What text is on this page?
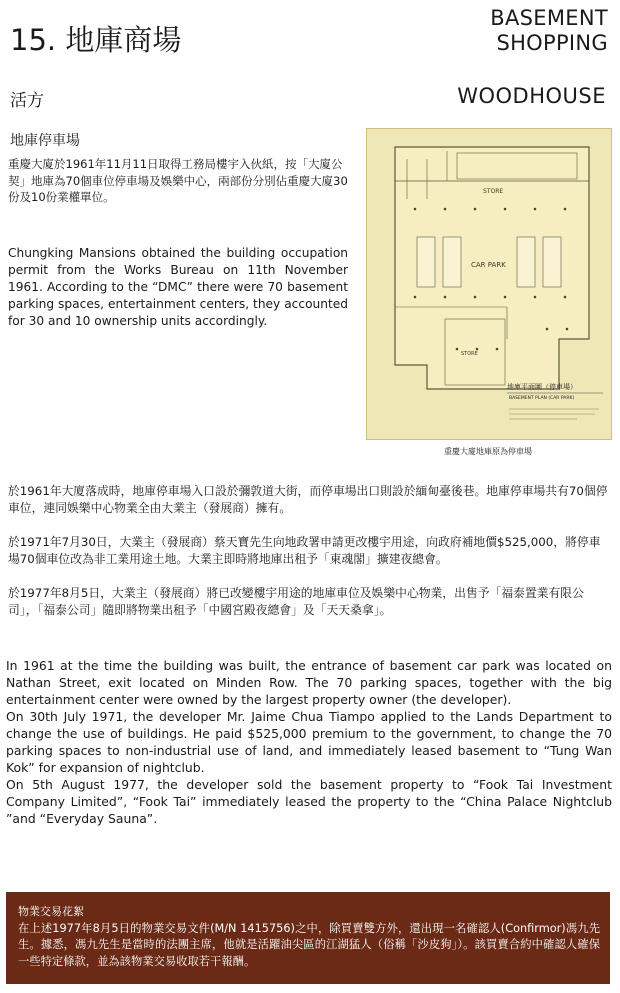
15. 地庫商場
BASEMENT
SHOPPING
活方	WOODHOUSE
地庫停車場
重慶大廈於1961年11月11日取得工務局樓宇入伙紙，按「大廈公契」地庫為70個車位停車場及娛樂中心，兩部份分別佔重慶大廈30份及10份業權單位。
Chungking Mansions obtained the building occupation permit from the Works Bureau on 11th November 1961. According to the “DMC” there were 70 basement parking spaces, entertainment centers, they accounted for 30 and 10 ownership units accordingly.
STORE
CAR PARK
STORE
地庫平面圖（停車場）
BASEMENT PLAN (CAR PARK)
重慶大廈地庫原為停車場

於1961年大廈落成時，地庫停車場入口設於彌敦道大街，而停車場出口則設於緬甸臺後巷。地庫停車場共有70個停車位，連同娛樂中心物業全由大業主（發展商）擁有。

於1971年7月30日，大業主（發展商）蔡天寶先生向地政署申請更改樓宇用途，向政府補地價$525,000，將停車場70個車位改為非工業用途土地。大業主即時將地庫出租予「東魂閣」擴建夜總會。

於1977年8月5日，大業主（發展商）將已改變樓宇用途的地庫車位及娛樂中心物業，出售予「福泰置業有限公司」，「福泰公司」隨即將物業出租予「中國宮殿夜總會」及「天天桑拿」。

In 1961 at the time the building was built, the entrance of basement car park was located on Nathan Street, exit located on Minden Row. The 70 parking spaces, together with the big entertainment center were owned by the largest property owner (the developer).

On 30th July 1971, the developer Mr. Jaime Chua Tiampo applied to the Lands Department to change the use of buildings. He paid $525,000 premium to the government, to change the 70 parking spaces to non-industrial use of land, and immediately leased basement to “Tung Wan Kok” for expansion of nightclub.

On 5th August 1977, the developer sold the basement property to “Fook Tai Investment Company Limited”, “Fook Tai” immediately leased the property to the “China Palace Nightclub ”and “Everyday Sauna”.

物業交易花絮
在上述1977年8月5日的物業交易文件(M/N 1415756)之中，除買賣雙方外，還出現一名確認人(Confirmor)馮九先生。據悉，馮九先生是當時的法團主席，他就是活躍油尖區的江湖猛人（俗稱「沙皮狗」）。該買賣合約中確認人確保一些特定條款，並為該物業交易收取若干報酬。
